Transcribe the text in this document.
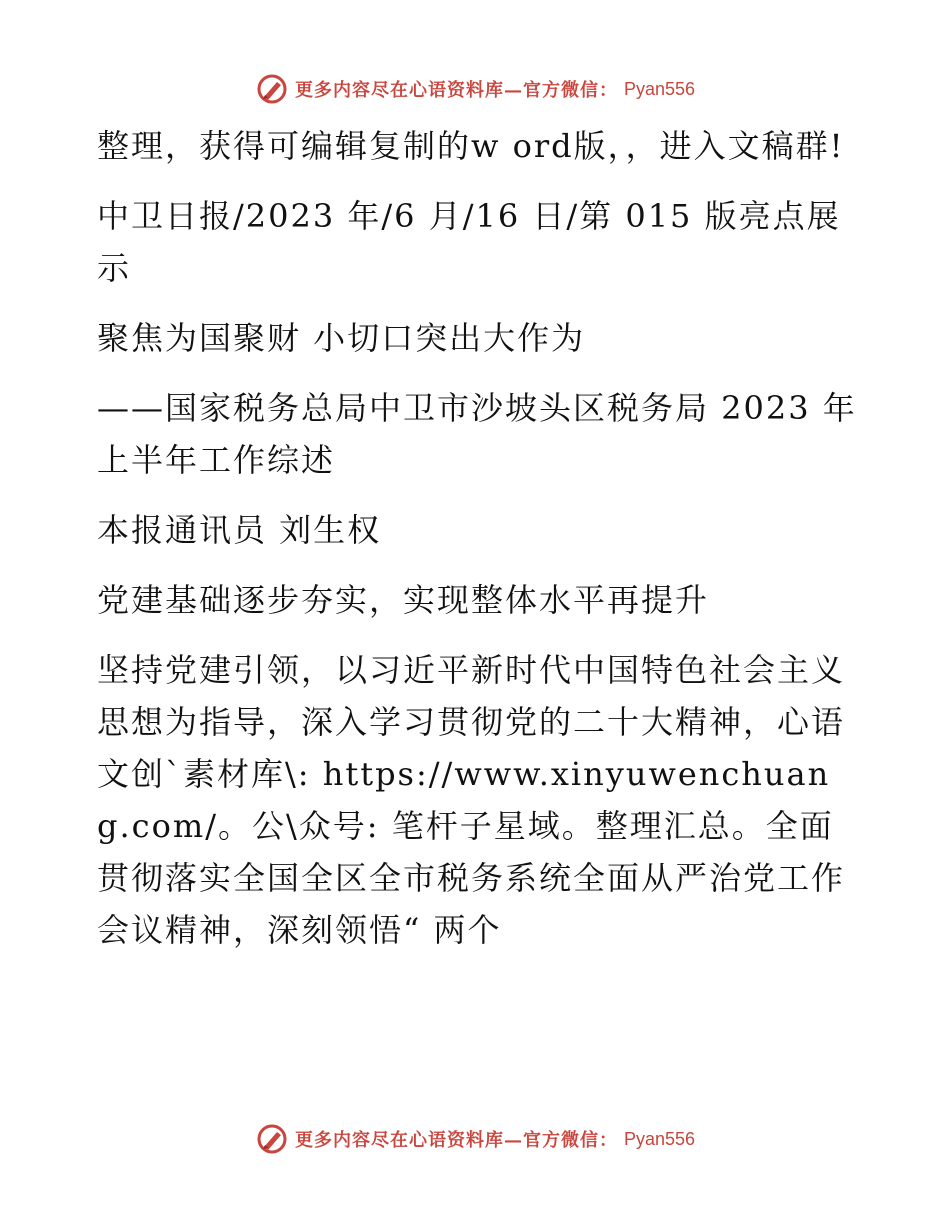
更多内容尽在心语资料库—官方微信： Pyan556

整理，获得可编辑复制的w ord版，，进入文稿群!

中卫日报/2023 年/6 月/16 日/第 015 版亮点展示

聚焦为国聚财 小切口突出大作为

——国家税务总局中卫市沙坡头区税务局 2023 年上半年工作综述

本报通讯员 刘生权

党建基础逐步夯实，实现整体水平再提升

坚持党建引领，以习近平新时代中国特色社会主义思想为指导，深入学习贯彻党的二十大精神，心语文创`素材库\: https://www.xinyuwenchuang.com/。公\众号: 笔杆子星域。整理汇总。全面贯彻落实全国全区全市税务系统全面从严治党工作会议精神，深刻领悟“ 两个

更多内容尽在心语资料库—官方微信： Pyan556
